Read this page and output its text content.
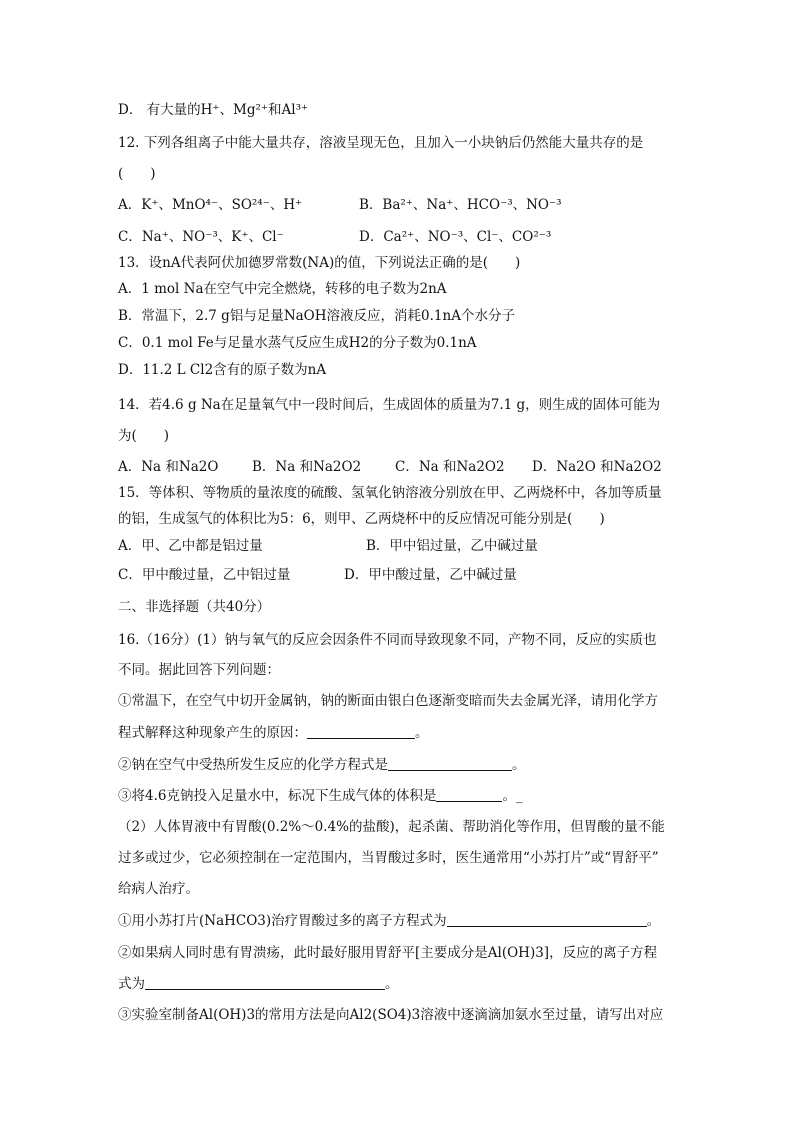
D． 有大量的H⁺、Mg²⁺和Al³⁺
12. 下列各组离子中能大量共存，溶液呈现无色，且加入一小块钠后仍然能大量共存的是
(　　)
A．K⁺、MnO⁴⁻、SO²⁴⁻、H⁺	B．Ba²⁺、Na⁺、HCO⁻³、NO⁻³
C．Na⁺、NO⁻³、K⁺、Cl⁻	D．Ca²⁺、NO⁻³、Cl⁻、CO²⁻³
13．设nA代表阿伏加德罗常数(NA)的值，下列说法正确的是(　　)
A．1 mol Na在空气中完全燃烧，转移的电子数为2nA
B．常温下，2.7 g铝与足量NaOH溶液反应，消耗0.1nA个水分子
C．0.1 mol Fe与足量水蒸气反应生成H2的分子数为0.1nA
D．11.2 L Cl2含有的原子数为nA
14．若4.6 g Na在足量氧气中一段时间后，生成固体的质量为7.1 g，则生成的固体可能为
为(　　)
A．Na 和Na2O B．Na 和Na2O2	C．Na 和Na2O2 D．Na2O 和Na2O2
15．等体积、等物质的量浓度的硫酸、氢氧化钠溶液分别放在甲、乙两烧杯中，各加等质量
的铝，生成氢气的体积比为5：6，则甲、乙两烧杯中的反应情况可能分别是(　　)
A．甲、乙中都是铝过量	B．甲中铝过量，乙中碱过量
C．甲中酸过量，乙中铝过量	D．甲中酸过量，乙中碱过量
二、非选择题（共40分）
16.（16分）(1）钠与氧气的反应会因条件不同而导致现象不同，产物不同，反应的实质也
不同。据此回答下列问题：
①常温下，在空气中切开金属钠，钠的断面由银白色逐渐变暗而失去金属光泽，请用化学方
程式解释这种现象产生的原因：	。
②钠在空气中受热所发生反应的化学方程式是	。
③将4.6克钠投入足量水中，标况下生成气体的体积是	。_
（2）人体胃液中有胃酸(0.2%～0.4%的盐酸)，起杀菌、帮助消化等作用，但胃酸的量不能
过多或过少，它必须控制在一定范围内，当胃酸过多时，医生通常用“小苏打片”或“胃舒平”
给病人治疗。
①用小苏打片(NaHCO3)治疗胃酸过多的离子方程式为	。
②如果病人同时患有胃溃疡，此时最好服用胃舒平[主要成分是Al(OH)3]，反应的离子方程
式为	。
③实验室制备Al(OH)3的常用方法是向Al2(SO4)3溶液中逐滴滴加氨水至过量，请写出对应
